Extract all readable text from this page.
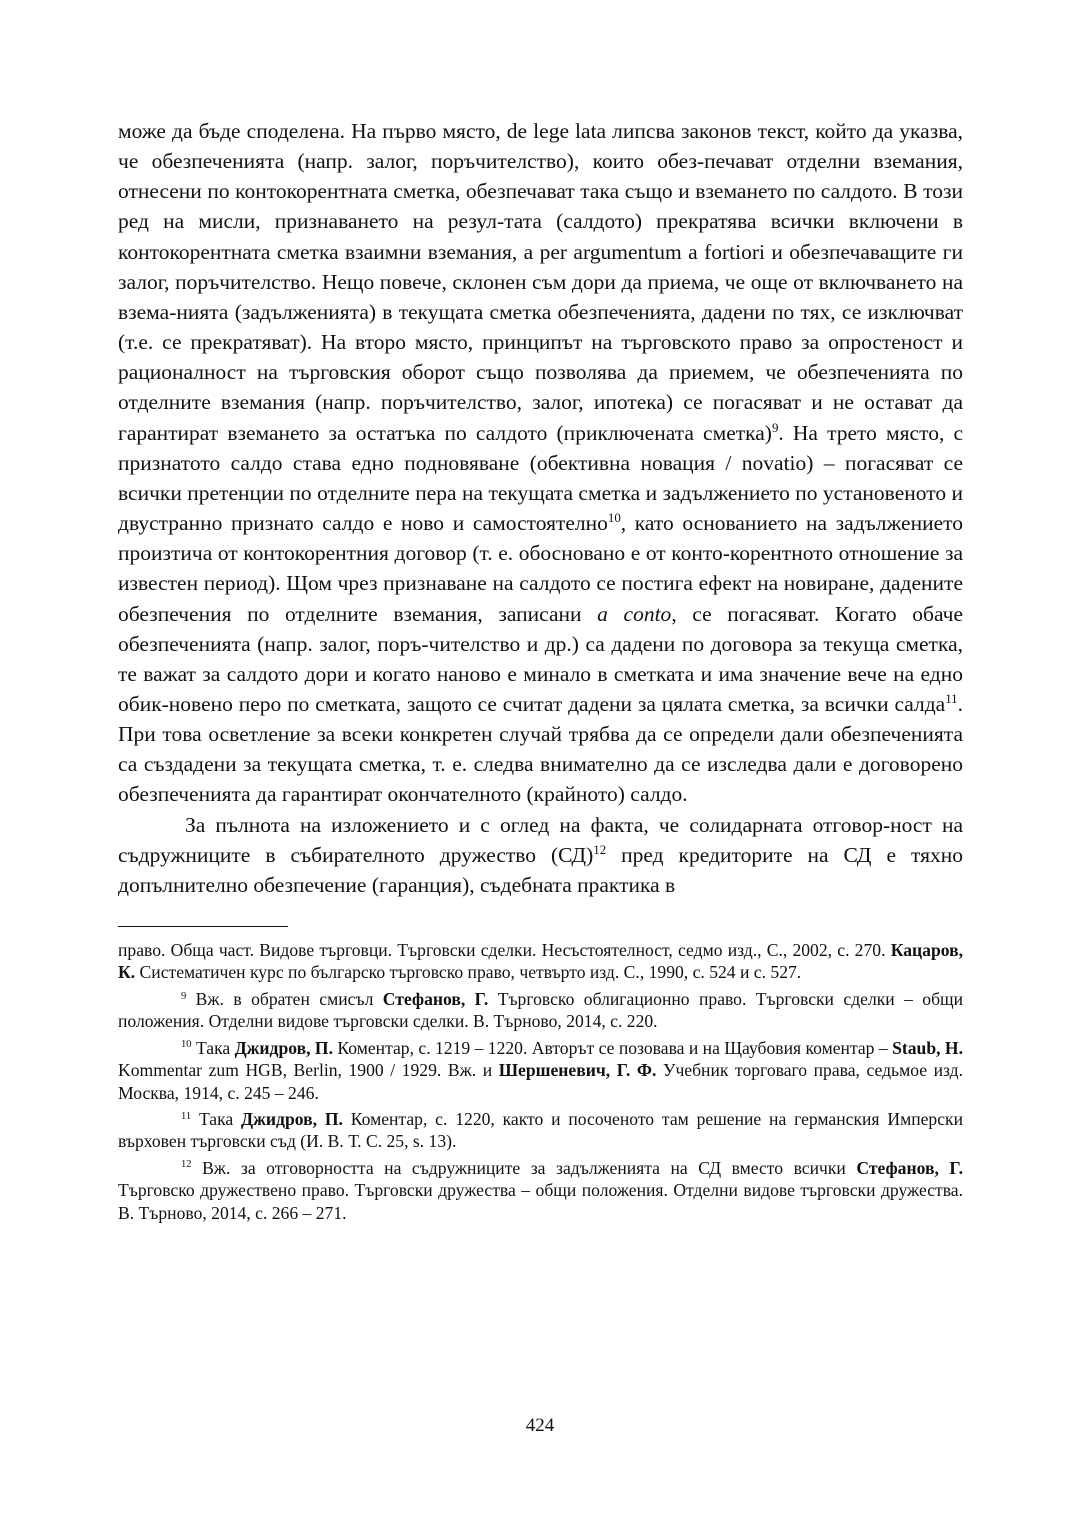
може да бъде споделена. На първо място, de lege lata липсва законов текст, който да указва, че обезпеченията (напр. залог, поръчителство), които обез-печават отделни вземания, отнесени по контокорентната сметка, обезпечават така също и вземането по салдото. В този ред на мисли, признаването на резул-тата (салдото) прекратява всички включени в контокорентната сметка взаимни вземания, а per argumentum a fortiori и обезпечаващите ги залог, поръчителство. Нещо повече, склонен съм дори да приема, че още от включването на взема-нията (задълженията) в текущата сметка обезпеченията, дадени по тях, се изключват (т.е. се прекратяват). На второ място, принципът на търговското право за опростеност и рационалност на търговския оборот също позволява да приемем, че обезпеченията по отделните вземания (напр. поръчителство, залог, ипотека) се погасяват и не остават да гарантират вземането за остатъка по салдото (приключената сметка)$^9$. На трето място, с признатото салдо става едно подновяване (обективна новация / novatio) – погасяват се всички претенции по отделните пера на текущата сметка и задължението по установеното и двустранно признато салдо е ново и самостоятелно$^{10}$, като основанието на задължението произтича от контокорентния договор (т. е. обосновано е от конто-корентното отношение за известен период). Щом чрез признаване на салдото се постига ефект на новиране, дадените обезпечения по отделните вземания, записани a conto, се погасяват. Когато обаче обезпеченията (напр. залог, поръ-чителство и др.) са дадени по договора за текуща сметка, те важат за салдото дори и когато наново е минало в сметката и има значение вече на едно обик-новено перо по сметката, защото се считат дадени за цялата сметка, за всички салда$^{11}$. При това осветление за всеки конкретен случай трябва да се определи дали обезпеченията са създадени за текущата сметка, т. е. следва внимателно да се изследва дали е договорено обезпеченията да гарантират окончателното (крайното) салдо.

За пълнота на изложението и с оглед на факта, че солидарната отговор-ност на съдружниците в събирателното дружество (СД)$^{12}$ пред кредиторите на СД е тяхно допълнително обезпечение (гаранция), съдебната практика в

право. Обща част. Видове търговци. Търговски сделки. Несъстоятелност, седмо изд., С., 2002, с. 270. Кацаров, К. Систематичен курс по българско търговско право, четвърто изд. С., 1990, с. 524 и с. 527.

$^9$ Вж. в обратен смисъл Стефанов, Г. Търговско облигационно право. Търговски сделки – общи положения. Отделни видове търговски сделки. В. Търново, 2014, с. 220.

$^{10}$ Така Джидров, П. Коментар, с. 1219 – 1220. Авторът се позовава и на Щаубовия коментар – Staub, H. Kommentar zum HGB, Berlin, 1900 / 1929. Вж. и Шершеневич, Г. Ф. Учебник торговаго права, седьмое изд. Москва, 1914, с. 245 – 246.

$^{11}$ Така Джидров, П. Коментар, с. 1220, както и посоченото там решение на германския Имперски върховен търговски съд (И. В. Т. С. 25, s. 13).

$^{12}$ Вж. за отговорността на съдружниците за задълженията на СД вместо всички Стефанов, Г. Търговско дружествено право. Търговски дружества – общи положения. Отделни видове търговски дружества. В. Търново, 2014, с. 266 – 271.

424
